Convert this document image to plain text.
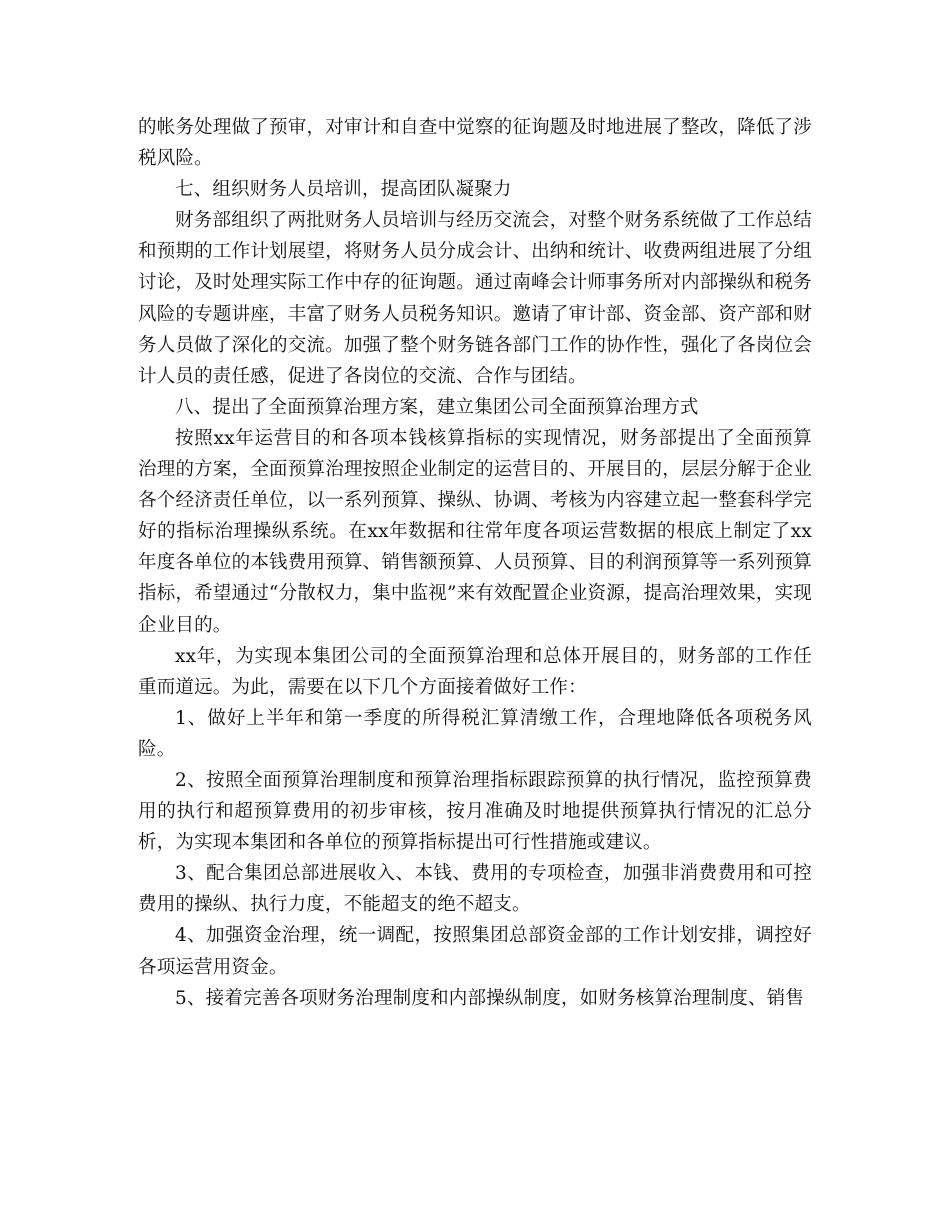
的帐务处理做了预审，对审计和自查中觉察的征询题及时地进展了整改，降低了涉税风险。

七、组织财务人员培训，提高团队凝聚力

财务部组织了两批财务人员培训与经历交流会，对整个财务系统做了工作总结和预期的工作计划展望，将财务人员分成会计、出纳和统计、收费两组进展了分组讨论，及时处理实际工作中存的征询题。通过南峰会计师事务所对内部操纵和税务风险的专题讲座，丰富了财务人员税务知识。邀请了审计部、资金部、资产部和财务人员做了深化的交流。加强了整个财务链各部门工作的协作性，强化了各岗位会计人员的责任感，促进了各岗位的交流、合作与团结。

八、提出了全面预算治理方案，建立集团公司全面预算治理方式

按照xx年运营目的和各项本钱核算指标的实现情况，财务部提出了全面预算治理的方案，全面预算治理按照企业制定的运营目的、开展目的，层层分解于企业各个经济责任单位，以一系列预算、操纵、协调、考核为内容建立起一整套科学完好的指标治理操纵系统。在xx年数据和往常年度各项运营数据的根底上制定了xx年度各单位的本钱费用预算、销售额预算、人员预算、目的利润预算等一系列预算指标，希望通过“分散权力，集中监视”来有效配置企业资源，提高治理效果，实现企业目的。

xx年，为实现本集团公司的全面预算治理和总体开展目的，财务部的工作任重而道远。为此，需要在以下几个方面接着做好工作：

1、做好上半年和第一季度的所得税汇算清缴工作，合理地降低各项税务风险。

2、按照全面预算治理制度和预算治理指标跟踪预算的执行情况，监控预算费用的执行和超预算费用的初步审核，按月准确及时地提供预算执行情况的汇总分析，为实现本集团和各单位的预算指标提出可行性措施或建议。

3、配合集团总部进展收入、本钱、费用的专项检查，加强非消费费用和可控费用的操纵、执行力度，不能超支的绝不超支。

4、加强资金治理，统一调配，按照集团总部资金部的工作计划安排，调控好各项运营用资金。

5、接着完善各项财务治理制度和内部操纵制度，如财务核算治理制度、销售
